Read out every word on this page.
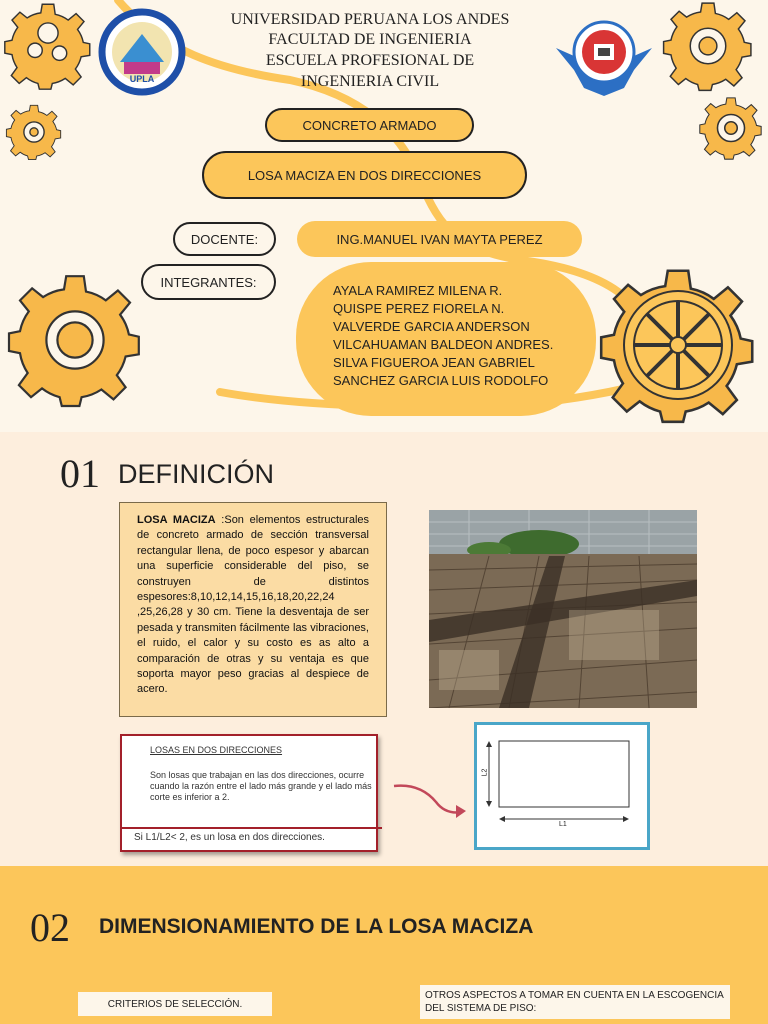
UPLA
UNIVERSIDAD PERUANA LOS ANDES
FACULTAD DE INGENIERIA
ESCUELA PROFESIONAL DE
INGENIERIA CIVIL
CONCRETO ARMADO
LOSA MACIZA EN DOS DIRECCIONES
DOCENTE:	ING.MANUEL IVAN MAYTA PEREZ
INTEGRANTES:
AYALA RAMIREZ MILENA R.
QUISPE PEREZ FIORELA N.
VALVERDE GARCIA ANDERSON
VILCAHUAMAN BALDEON ANDRES.
SILVA FIGUEROA JEAN GABRIEL
SANCHEZ GARCIA LUIS RODOLFO
01 DEFINICIÓN
LOSA MACIZA :Son elementos estructurales de concreto armado de sección transversal rectangular llena, de poco espesor y abarcan una superficie considerable del piso, se construyen de distintos espesores:8,10,12,14,15,16,18,20,22,24 ,25,26,28 y 30 cm. Tiene la desventaja de ser pesada y transmiten fácilmente las vibraciones, el ruido, el calor y su costo es as alto a comparación de otras y su ventaja es que soporta mayor peso gracias al despiece de acero.
LOSAS EN DOS DIRECCIONES
Son losas que trabajan en las dos direcciones, ocurre
cuando la razón entre el lado más grande y el lado más corte es inferior a 2.
Si L1/L2< 2, es un losa en dos direcciones.
L2
L1
02 DIMENSIONAMIENTO DE LA LOSA MACIZA
CRITERIOS DE SELECCIÓN.
OTROS ASPECTOS A TOMAR EN CUENTA EN LA ESCOGENCIA DEL SISTEMA DE PISO:
